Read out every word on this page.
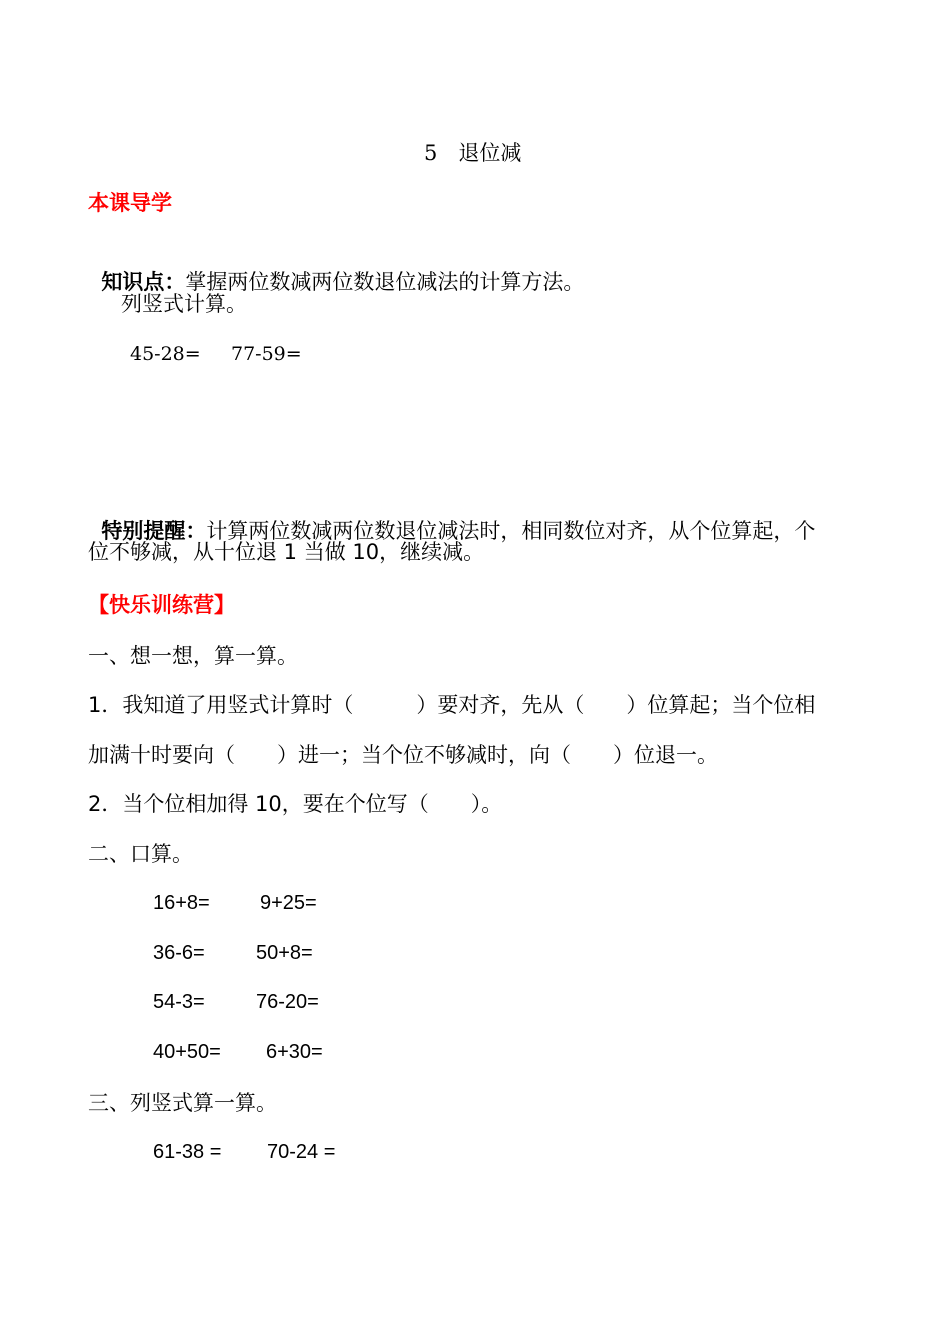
5　退位减
本课导学

知识点：掌握两位数减两位数退位减法的计算方法。

列竖式计算。
45-28= 77-59=

特别提醒：计算两位数减两位数退位减法时，相同数位对齐，从个位算起，个

位不够减，从十位退 1 当做 10，继续减。
【快乐训练营】
一、想一想，算一算。
1．我知道了用竖式计算时（　　　）要对齐，先从（　　）位算起；当个位相
加满十时要向（　　）进一；当个位不够减时，向（　　）位退一。
2．当个位相加得 10，要在个位写（　　）。
二、口算。
16+8=	9+25=
36-6=	50+8=
54-3=	76-20=
40+50= 6+30=
三、列竖式算一算。
61-38 = 70-24 =
